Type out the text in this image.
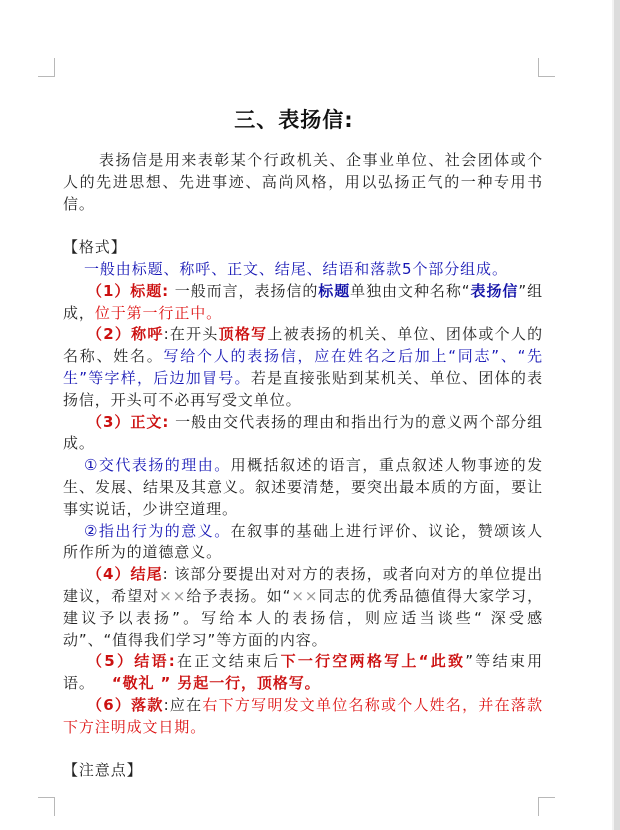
三、表扬信:

表扬信是用来表彰某个行政机关、企事业单位、社会团体或个人的先进思想、先进事迹、高尚风格，用以弘扬正气的一种专用书信。

【格式】

一般由标题、称呼、正文、结尾、结语和落款5个部分组成。

（1）标题: 一般而言，表扬信的标题单独由文种名称“表扬信”组成，位于第一行正中。

（2）称呼:在开头顶格写上被表扬的机关、单位、团体或个人的名称、姓名。写给个人的表扬信，应在姓名之后加上“同志”、“先生”等字样，后边加冒号。若是直接张贴到某机关、单位、团体的表扬信，开头可不必再写受文单位。

（3）正文: 一般由交代表扬的理由和指出行为的意义两个部分组成。

①交代表扬的理由。用概括叙述的语言，重点叙述人物事迹的发生、发展、结果及其意义。叙述要清楚，要突出最本质的方面，要让事实说话，少讲空道理。

②指出行为的意义。在叙事的基础上进行评价、议论，赞颂该人所作所为的道德意义。

（4）结尾: 该部分要提出对对方的表扬，或者向对方的单位提出建议，希望对××给予表扬。如“××同志的优秀品德值得大家学习，建议予以表扬”。写给本人的表扬信，则应适当谈些“ 深受感动”、“值得我们学习”等方面的内容。

（5）结语:在正文结束后下一行空两格写上“此致”等结束用语。 “敬礼 ” 另起一行，顶格写。

（6）落款:应在右下方写明发文单位名称或个人姓名，并在落款下方注明成文日期。

【注意点】
